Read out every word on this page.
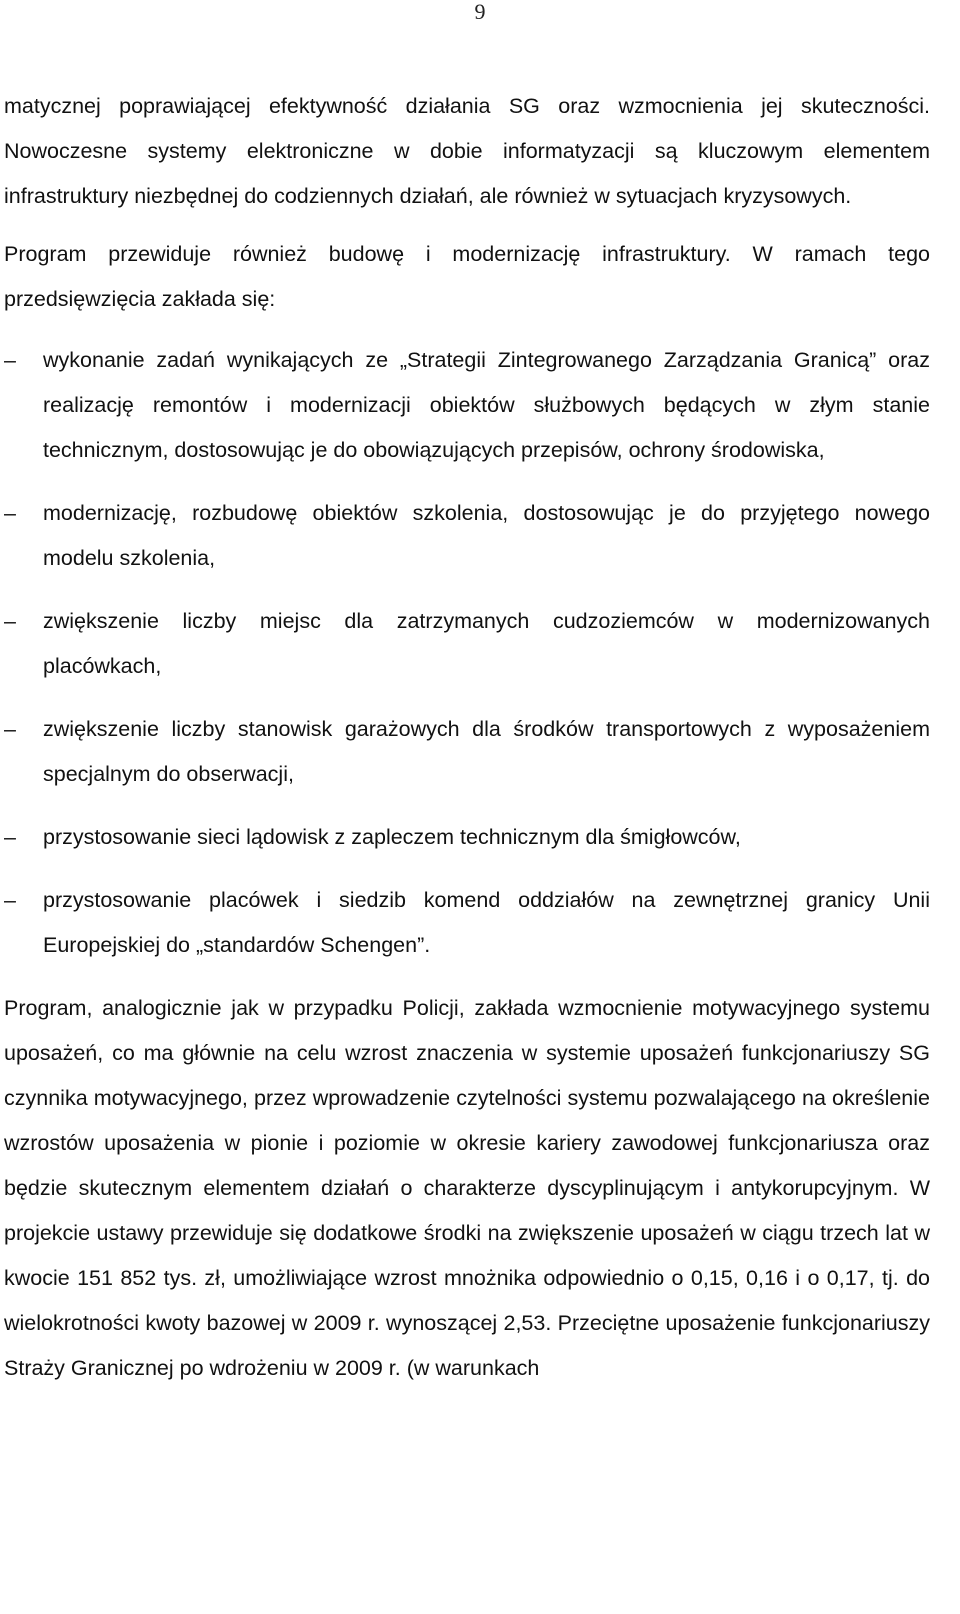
9

matycznej poprawiającej efektywność działania SG oraz wzmocnienia jej skuteczności. Nowoczesne systemy elektroniczne w dobie informatyzacji są kluczowym elementem infrastruktury niezbędnej do codziennych działań, ale również w sytuacjach kryzysowych.

Program przewiduje również budowę i modernizację infrastruktury. W ramach tego przedsięwzięcia zakłada się:

–	wykonanie zadań wynikających ze „Strategii Zintegrowanego Zarządzania Granicą” oraz realizację remontów i modernizacji obiektów służbowych będących w złym stanie technicznym, dostosowując je do obowiązujących przepisów, ochrony środowiska,
–	modernizację, rozbudowę obiektów szkolenia, dostosowując je do przyjętego nowego modelu szkolenia,
–	zwiększenie liczby miejsc dla zatrzymanych cudzoziemców w modernizowanych placówkach,
–	zwiększenie liczby stanowisk garażowych dla środków transportowych z wyposażeniem specjalnym do obserwacji,
–	przystosowanie sieci lądowisk z zapleczem technicznym dla śmigłowców,
–	przystosowanie placówek i siedzib komend oddziałów na zewnętrznej granicy Unii Europejskiej do „standardów Schengen”.

Program, analogicznie jak w przypadku Policji, zakłada wzmocnienie motywacyjnego systemu uposażeń, co ma głównie na celu wzrost znaczenia w systemie uposażeń funkcjonariuszy SG czynnika motywacyjnego, przez wprowadzenie czytelności systemu pozwalającego na określenie wzrostów uposażenia w pionie i poziomie w okresie kariery zawodowej funkcjonariusza oraz będzie skutecznym elementem działań o charakterze dyscyplinującym i antykorupcyjnym. W projekcie ustawy przewiduje się dodatkowe środki na zwiększenie uposażeń w ciągu trzech lat w kwocie 151 852 tys. zł, umożliwiające wzrost mnożnika odpowiednio o 0,15, 0,16 i o 0,17, tj. do wielokrotności kwoty bazowej w 2009 r. wynoszącej 2,53. Przeciętne uposażenie funkcjonariuszy Straży Granicznej po wdrożeniu w 2009 r. (w warunkach
